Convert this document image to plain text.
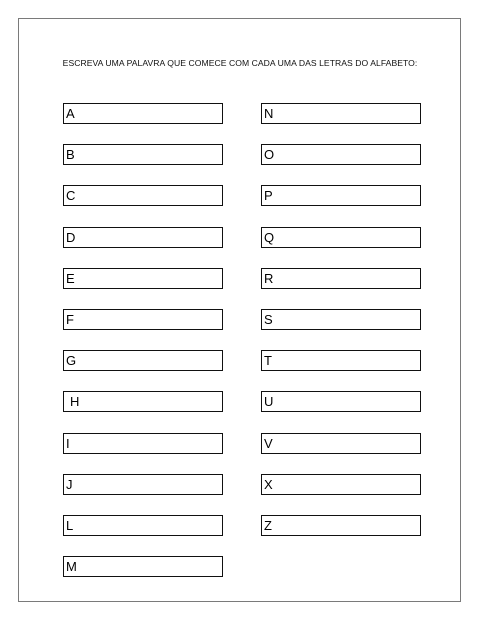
ESCREVA UMA PALAVRA QUE COMECE COM CADA UMA DAS LETRAS DO ALFABETO:
A
B
C
D
E
F
G
H
I
J
L
M
N
O
P
Q
R
S
T
U
V
X
Z
